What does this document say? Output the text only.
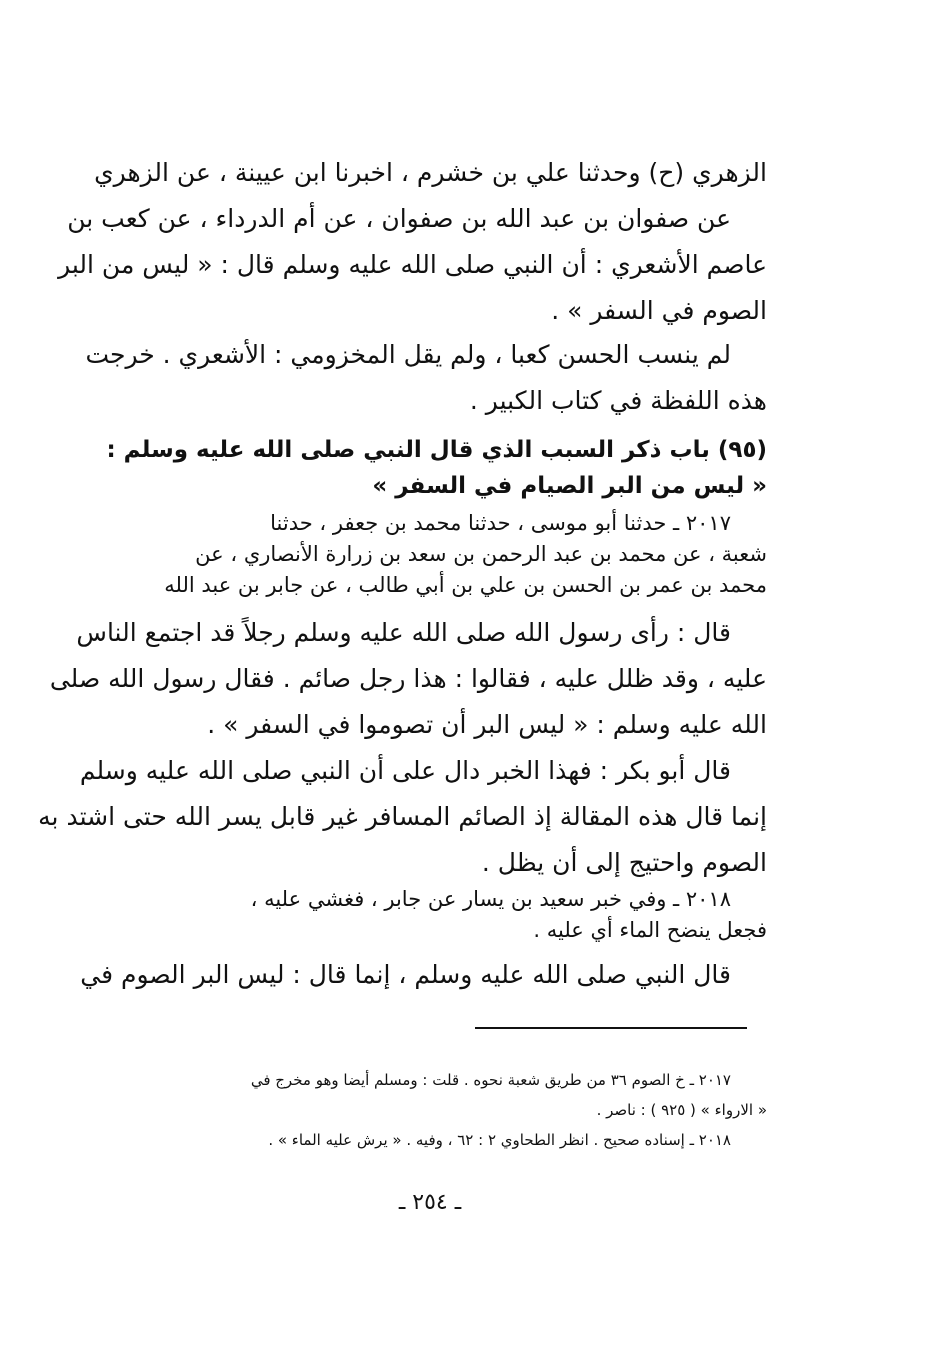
الزهري (ح) وحدثنا علي بن خشرم ، اخبرنا ابن عيينة ، عن الزهري
عن صفوان بن عبد الله بن صفوان ، عن أم الدرداء ، عن كعب بن
عاصم الأشعري : أن النبي صلى الله عليه وسلم قال : « ليس من البر
الصوم في السفر » .
لم ينسب الحسن كعبا ، ولم يقل المخزومي : الأشعري . خرجت
هذه اللفظة في كتاب الكبير .
(٩٥) باب ذكر السبب الذي قال النبي صلى الله عليه وسلم :
« ليس من البر الصيام في السفر »
٢٠١٧ ـ حدثنا أبو موسى ، حدثنا محمد بن جعفر ، حدثنا
شعبة ، عن محمد بن عبد الرحمن بن سعد بن زرارة الأنصاري ، عن
محمد بن عمر بن الحسن بن علي بن أبي طالب ، عن جابر بن عبد الله
قال : رأى رسول الله صلى الله عليه وسلم رجلاً قد اجتمع الناس
عليه ، وقد ظلل عليه ، فقالوا : هذا رجل صائم . فقال رسول الله صلى
الله عليه وسلم : « ليس البر أن تصوموا في السفر » .
قال أبو بكر : فهذا الخبر دال على أن النبي صلى الله عليه وسلم
إنما قال هذه المقالة إذ الصائم المسافر غير قابل يسر الله حتى اشتد به
الصوم واحتيج إلى أن يظل .
٢٠١٨ ـ وفي خبر سعيد بن يسار عن جابر ، فغشي عليه ،
فجعل ينضح الماء أي عليه .
قال النبي صلى الله عليه وسلم ، إنما قال : ليس البر الصوم في
٢٠١٧ ـ خ الصوم ٣٦ من طريق شعبة نحوه . قلت : ومسلم أيضا وهو مخرج في
« الارواء » ( ٩٢٥ ) : ناصر .
٢٠١٨ ـ إسناده صحيح . انظر الطحاوي ٢ : ٦٢ ، وفيه . « يرش عليه الماء » .
ـ ٢٥٤ ـ
